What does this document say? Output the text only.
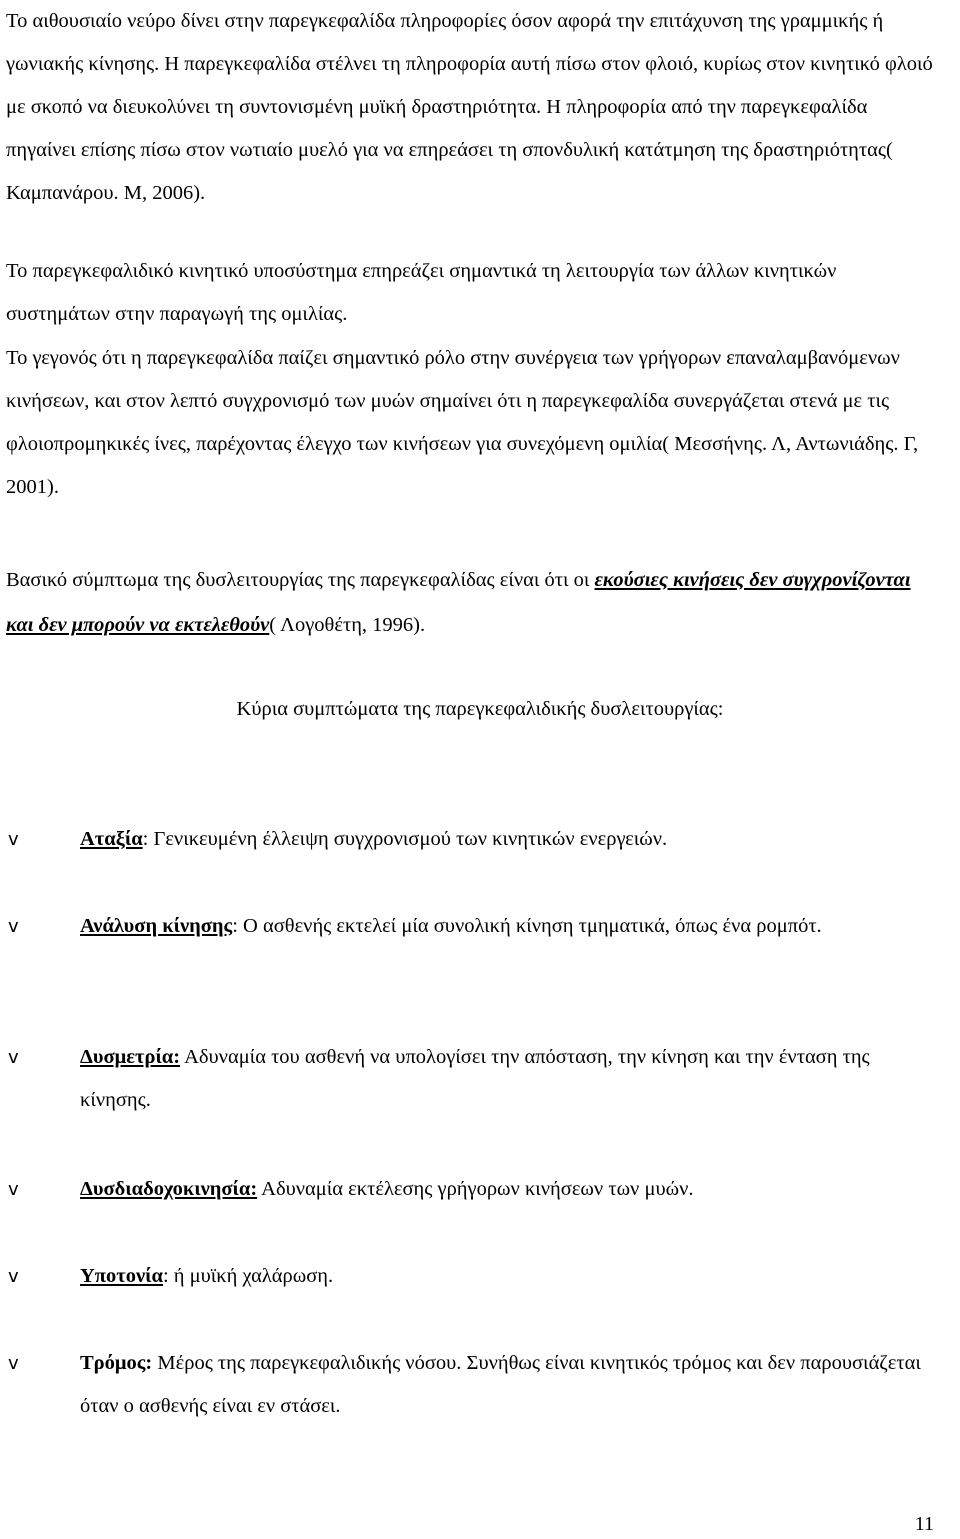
Το αιθουσιαίο νεύρο δίνει στην παρεγκεφαλίδα πληροφορίες όσον αφορά την επιτάχυνση της γραμμικής ή γωνιακής κίνησης. Η παρεγκεφαλίδα στέλνει τη πληροφορία αυτή πίσω στον φλοιό, κυρίως στον κινητικό φλοιό με σκοπό να διευκολύνει τη συντονισμένη μυϊκή δραστηριότητα. Η πληροφορία από την παρεγκεφαλίδα πηγαίνει επίσης πίσω στον νωτιαίο μυελό για να επηρεάσει τη σπονδυλική κατάτμηση της δραστηριότητας( Καμπανάρου. Μ, 2006).

Το παρεγκεφαλιδικό κινητικό υποσύστημα επηρεάζει σημαντικά τη λειτουργία των άλλων κινητικών συστημάτων στην παραγωγή της ομιλίας.

Το γεγονός ότι η παρεγκεφαλίδα παίζει σημαντικό ρόλο στην συνέργεια των γρήγορων επαναλαμβανόμενων κινήσεων, και στον λεπτό συγχρονισμό των μυών σημαίνει ότι η παρεγκεφαλίδα συνεργάζεται στενά με τις φλοιοπρομηκικές ίνες, παρέχοντας έλεγχο των κινήσεων για συνεχόμενη ομιλία( Μεσσήνης. Λ, Αντωνιάδης. Γ, 2001).

Βασικό σύμπτωμα της δυσλειτουργίας της παρεγκεφαλίδας είναι ότι οι εκούσιες κινήσεις δεν συγχρονίζονται και δεν μπορούν να εκτελεθούν( Λογοθέτη, 1996).

Κύρια συμπτώματα της παρεγκεφαλιδικής δυσλειτουργίας:

v	Αταξία: Γενικευμένη έλλειψη συγχρονισμού των κινητικών ενεργειών.
v	Ανάλυση κίνησης: Ο ασθενής εκτελεί μία συνολική κίνηση τμηματικά, όπως ένα ρομπότ.
v	Δυσμετρία: Αδυναμία του ασθενή να υπολογίσει την απόσταση, την κίνηση και την ένταση της κίνησης.
v	Δυσδιαδοχοκινησία: Αδυναμία εκτέλεσης γρήγορων κινήσεων των μυών.
v	Υποτονία: ή μυϊκή χαλάρωση.
v	Τρόμος: Μέρος της παρεγκεφαλιδικής νόσου. Συνήθως είναι κινητικός τρόμος και δεν παρουσιάζεται όταν ο ασθενής είναι εν στάσει.
11
